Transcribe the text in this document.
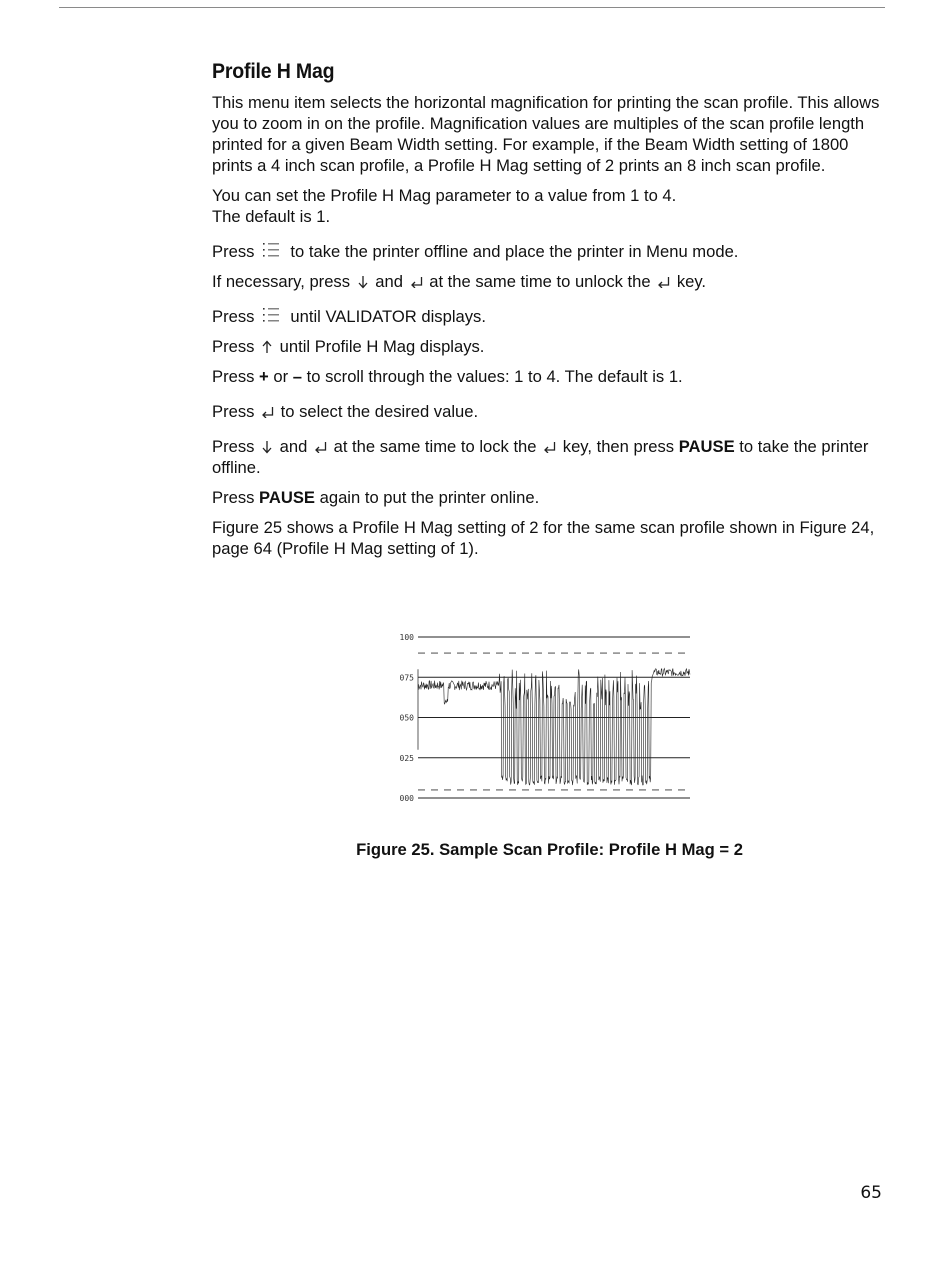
Profile H Mag

This menu item selects the horizontal magnification for printing the scan profile. This allows you to zoom in on the profile. Magnification values are multiples of the scan profile length printed for a given Beam Width setting. For example, if the Beam Width setting of 1800 prints a 4 inch scan profile, a Profile H Mag setting of 2 prints an 8 inch scan profile.

You can set the Profile H Mag parameter to a value from 1 to 4.
The default is 1.

Press to take the printer offline and place the printer in Menu mode.

If necessary, press and at the same time to unlock the key.

Press until VALIDATOR displays.

Press until Profile H Mag displays.

Press + or – to scroll through the values: 1 to 4. The default is 1.

Press to select the desired value.

Press and at the same time to lock the key, then press PAUSE to take the printer offline.

Press PAUSE again to put the printer online.

Figure 25 shows a Profile H Mag setting of 2 for the same scan profile shown in Figure 24, page 64 (Profile H Mag setting of 1).

100
075
050
025
000
Figure 25. Sample Scan Profile: Profile H Mag = 2
65
